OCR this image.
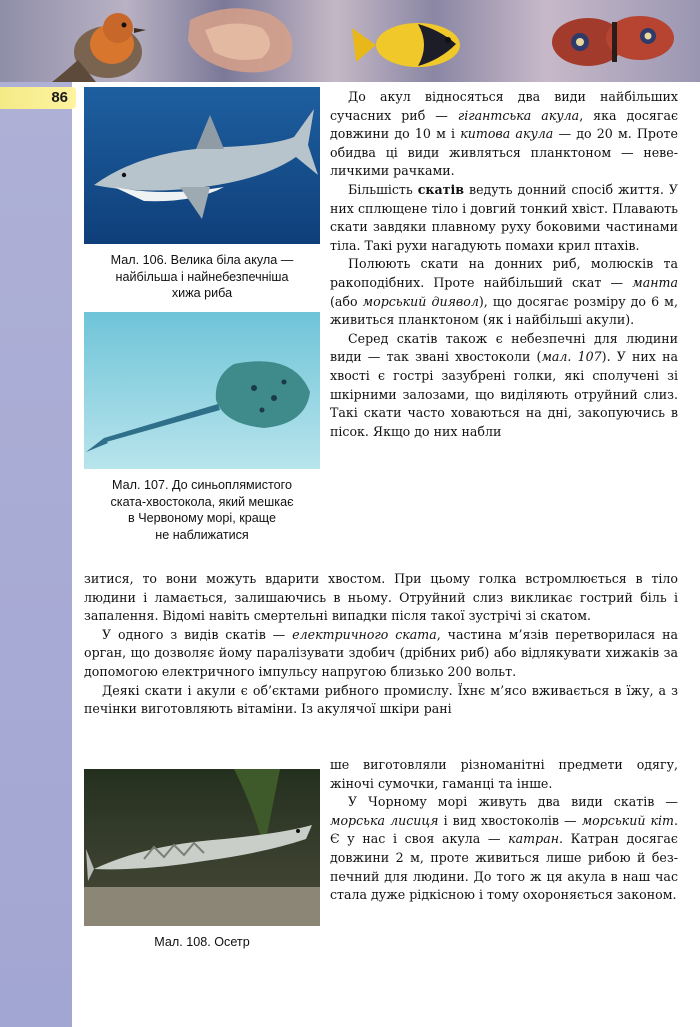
86
Мал. 106. Велика біла акула —
найбільша і найнебезпечніша
хижа риба
Мал. 107. До синьоплямистого
ската-хвостокола, який мешкає
в Червоному морі, краще
не наближатися
Мал. 108. Осетр

До акул відносяться два види найбільших сучасних риб — гігантська акула, яка досягає довжини до 10 м і китова акула — до 20 м. Проте обидва ці види живляться планктоном — невеличкими рачками.

Більшість скатів ведуть донний спосіб життя. У них сплющене тіло і довгий тонкий хвіст. Плавають скати завдяки плавному руху боковими частинами тіла. Такі рухи нагадують помахи крил птахів.

Полюють скати на донних риб, молюсків та ракоподібних. Проте найбільший скат — манта (або морський диявол), що досягає розміру до 6 м, живиться планктоном (як і найбільші акули).

Серед скатів також є небезпечні для людини види — так звані хвостоколи (мал. 107). У них на хвості є гострі зазубрені голки, які сполучені зі шкірними залозами, що виділяють отруйний слиз. Такі скати часто ховаються на дні, закопуючись в пісок. Якщо до них набли

зитися, то вони можуть вдарити хвостом. При цьому голка встромлюється в тіло людини і ламається, залишаючись в ньому. Отруйний слиз викликає гострий біль і запалення. Відомі навіть смертельні випадки після такої зустрічі зі скатом.

У одного з видів скатів — електричного ската, частина м’язів перетворилася на орган, що дозволяє йому паралізувати здобич (дрібних риб) або відлякувати хижаків за допомогою електричного імпульсу напругою близько 200 вольт.

Деякі скати і акули є об’єктами рибного промислу. Їхнє м’ясо вживається в їжу, а з печінки виготовляють вітаміни. Із акулячої шкіри рані

ше виготовляли різноманітні предмети одягу, жіночі сумочки, гаманці та інше.

У Чорному морі живуть два види скатів — морська лисиця і вид хвостоколів — морський кіт. Є у нас і своя акула — катран. Катран досягає довжини 2 м, проте живиться лише рибою й безпечний для людини. До того ж ця акула в наш час стала дуже рідкісною і тому охороняється законом.
